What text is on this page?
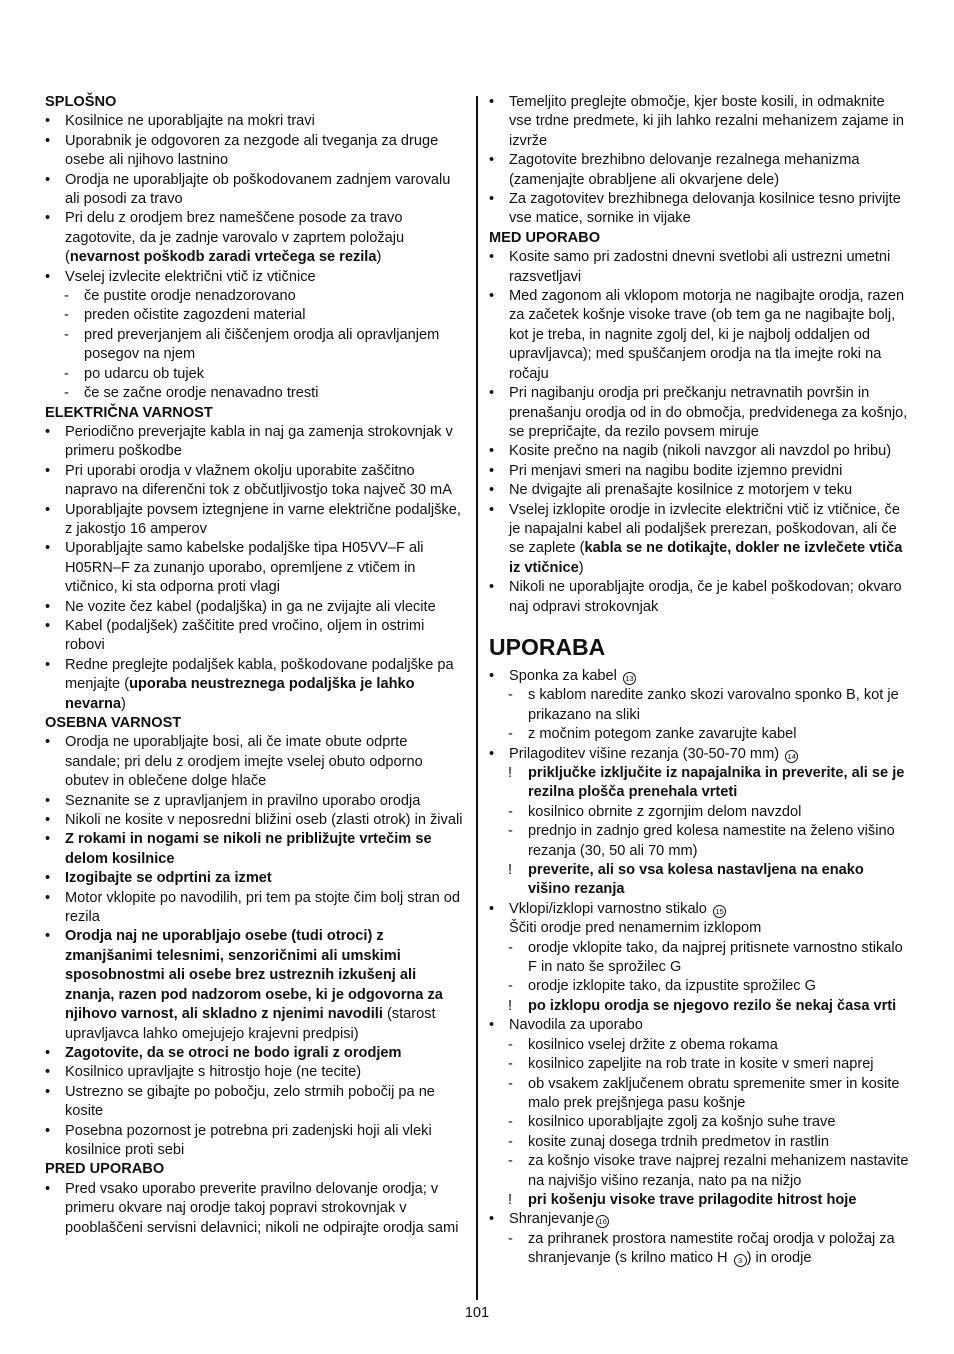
SPLOŠNO
•	Kosilnice ne uporabljajte na mokri travi
•	Uporabnik je odgovoren za nezgode ali tveganja za druge osebe ali njihovo lastnino
•	Orodja ne uporabljajte ob poškodovanem zadnjem varovalu ali posodi za travo
•	Pri delu z orodjem brez nameščene posode za travo zagotovite, da je zadnje varovalo v zaprtem položaju (nevarnost poškodb zaradi vrtečega se rezila)
•	Vselej izvlecite električni vtič iz vtičnice
-	če pustite orodje nenadzorovano
-	preden očistite zagozdeni material
-	pred preverjanjem ali čiščenjem orodja ali opravljanjem posegov na njem
-	po udarcu ob tujek
-	če se začne orodje nenavadno tresti
ELEKTRIČNA VARNOST
•	Periodično preverjajte kabla in naj ga zamenja strokovnjak v primeru poškodbe
•	Pri uporabi orodja v vlažnem okolju uporabite zaščitno napravo na diferenčni tok z občutljivostjo toka največ 30 mA
•	Uporabljajte povsem iztegnjene in varne električne podaljške, z jakostjo 16 amperov
•	Uporabljajte samo kabelske podaljške tipa H05VV–F ali H05RN–F za zunanjo uporabo, opremljene z vtičem in vtičnico, ki sta odporna proti vlagi
•	Ne vozite čez kabel (podaljška) in ga ne zvijajte ali vlecite
•	Kabel (podaljšek) zaščitite pred vročino, oljem in ostrimi robovi
•	Redne preglejte podaljšek kabla, poškodovane podaljške pa menjajte (uporaba neustreznega podaljška je lahko nevarna)
OSEBNA VARNOST
•	Orodja ne uporabljajte bosi, ali če imate obute odprte sandale; pri delu z orodjem imejte vselej obuto odporno obutev in oblečene dolge hlače
•	Seznanite se z upravljanjem in pravilno uporabo orodja
•	Nikoli ne kosite v neposredni bližini oseb (zlasti otrok) in živali
•	Z rokami in nogami se nikoli ne približujte vrtečim se delom kosilnice
•	Izogibajte se odprtini za izmet
•	Motor vklopite po navodilih, pri tem pa stojte čim bolj stran od rezila
•	Orodja naj ne uporabljajo osebe (tudi otroci) z zmanjšanimi telesnimi, senzoričnimi ali umskimi sposobnostmi ali osebe brez ustreznih izkušenj ali znanja, razen pod nadzorom osebe, ki je odgovorna za njihovo varnost, ali skladno z njenimi navodili (starost upravljavca lahko omejujejo krajevni predpisi)
•	Zagotovite, da se otroci ne bodo igrali z orodjem
•	Kosilnico upravljajte s hitrostjo hoje (ne tecite)
•	Ustrezno se gibajte po pobočju, zelo strmih pobočij pa ne kosite
•	Posebna pozornost je potrebna pri zadenjski hoji ali vleki kosilnice proti sebi
PRED UPORABO
•	Pred vsako uporabo preverite pravilno delovanje orodja; v primeru okvare naj orodje takoj popravi strokovnjak v pooblaščeni servisni delavnici; nikoli ne odpirajte orodja sami
•	Temeljito preglejte območje, kjer boste kosili, in odmaknite vse trdne predmete, ki jih lahko rezalni mehanizem zajame in izvrže
•	Zagotovite brezhibno delovanje rezalnega mehanizma (zamenjajte obrabljene ali okvarjene dele)
•	Za zagotovitev brezhibnega delovanja kosilnice tesno privijte vse matice, sornike in vijake
MED UPORABO
•	Kosite samo pri zadostni dnevni svetlobi ali ustrezni umetni razsvetljavi
•	Med zagonom ali vklopom motorja ne nagibajte orodja, razen za začetek košnje visoke trave (ob tem ga ne nagibajte bolj, kot je treba, in nagnite zgolj del, ki je najbolj oddaljen od upravljavca); med spuščanjem orodja na tla imejte roki na ročaju
•	Pri nagibanju orodja pri prečkanju netravnatih površin in prenašanju orodja od in do območja, predvidenega za košnjo, se prepričajte, da rezilo povsem miruje
•	Kosite prečno na nagib (nikoli navzgor ali navzdol po hribu)
•	Pri menjavi smeri na nagibu bodite izjemno previdni
•	Ne dvigajte ali prenašajte kosilnice z motorjem v teku
•	Vselej izklopite orodje in izvlecite električni vtič iz vtičnice, če je napajalni kabel ali podaljšek prerezan, poškodovan, ali če se zaplete (kabla se ne dotikajte, dokler ne izvlečete vtiča iz vtičnice)
•	Nikoli ne uporabljajte orodja, če je kabel poškodovan; okvaro naj odpravi strokovnjak
UPORABA
•	Sponka za kabel 13
-	s kablom naredite zanko skozi varovalno sponko B, kot je prikazano na sliki
-	z močnim potegom zanke zavarujte kabel
•	Prilagoditev višine rezanja (30-50-70 mm) 14
!	priključke izključite iz napajalnika in preverite, ali se je rezilna plošča prenehala vrteti
-	kosilnico obrnite z zgornjim delom navzdol
-	prednjo in zadnjo gred kolesa namestite na želeno višino rezanja (30, 50 ali 70 mm)
!	preverite, ali so vsa kolesa nastavljena na enako višino rezanja
•	Vklopi/izklopi varnostno stikalo 15
Ščiti orodje pred nenamernim izklopom
-	orodje vklopite tako, da najprej pritisnete varnostno stikalo F in nato še sprožilec G
-	orodje izklopite tako, da izpustite sprožilec G
!	po izklopu orodja se njegovo rezilo še nekaj časa vrti
•	Navodila za uporabo
-	kosilnico vselej držite z obema rokama
-	kosilnico zapeljite na rob trate in kosite v smeri naprej
-	ob vsakem zaključenem obratu spremenite smer in kosite malo prek prejšnjega pasu košnje
-	kosilnico uporabljajte zgolj za košnjo suhe trave
-	kosite zunaj dosega trdnih predmetov in rastlin
-	za košnjo visoke trave najprej rezalni mehanizem nastavite na najvišjo višino rezanja, nato pa na nižjo
!	pri košenju visoke trave prilagodite hitrost hoje
•	Shranjevanje 16
-	za prihranek prostora namestite ročaj orodja v položaj za shranjevanje (s krilno matico H 3 ) in orodje
101
